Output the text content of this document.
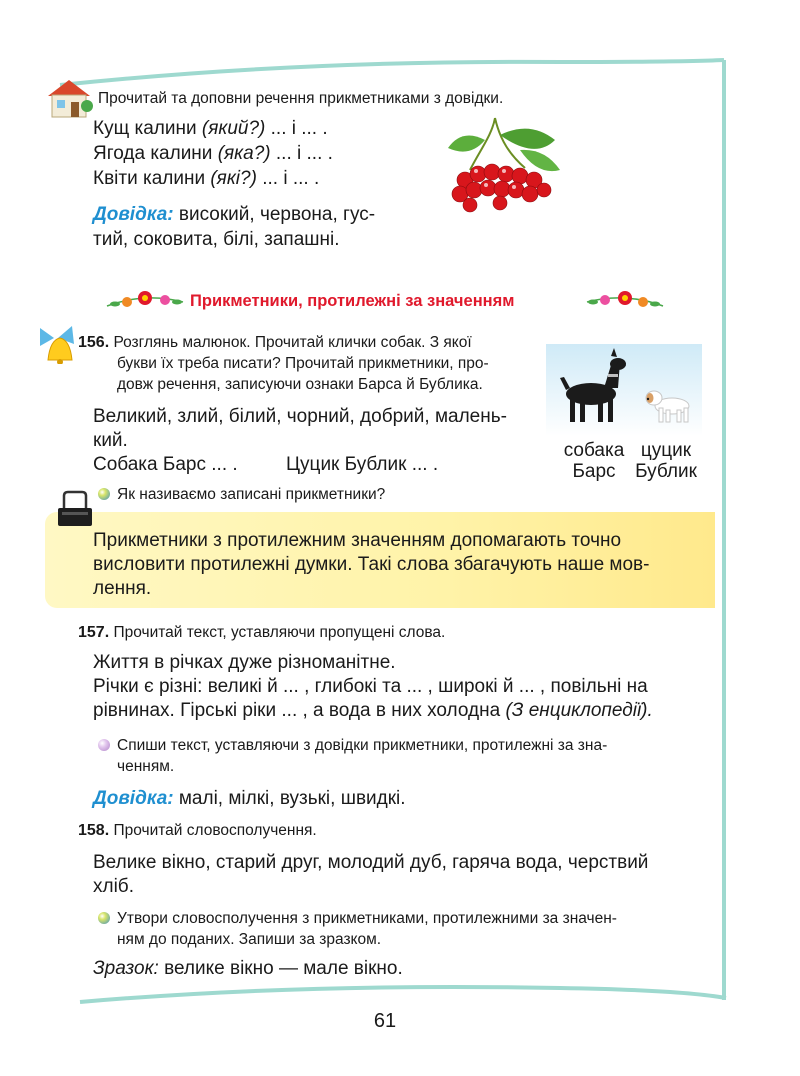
Прочитай та доповни речення прикметниками з довідки.
Кущ калини (який?) ... і ... .
Ягода калини (яка?) ... і ... .
Квіти калини (які?) ... і ... .
Довідка: високий, червона, гус-
тий, соковита, білі, запашні.
Прикметники, протилежні за значенням
156. Розглянь малюнок. Прочитай клички собак. З якої
букви їх треба писати? Прочитай прикметники, про-
довж речення, записуючи ознаки Барса й Бублика.
Великий, злий, білий, чорний, добрий, малень-
кий.
Собака Барс ... .	Цуцик Бублик ... .
собака
Барс
цуцик
Бублик
Як називаємо записані прикметники?
Прикметники з протилежним значенням допомагають точно
висловити протилежні думки. Такі слова збагачують наше мов-
лення.
157. Прочитай текст, уставляючи пропущені слова.
Життя в річках дуже різноманітне.
Річки є різні: великі й ... , глибокі та ... , широкі й ... , повільні на
рівнинах. Гірські ріки ... , а вода в них холодна (З енциклопедії).
Спиши текст, уставляючи з довідки прикметники, протилежні за зна-
ченням.
Довідка: малі, мілкі, вузькі, швидкі.
158. Прочитай словосполучення.
Велике вікно, старий друг, молодий дуб, гаряча вода, черствий
хліб.
Утвори словосполучення з прикметниками, протилежними за значен-
ням до поданих. Запиши за зразком.
Зразок: велике вікно — мале вікно.
61
